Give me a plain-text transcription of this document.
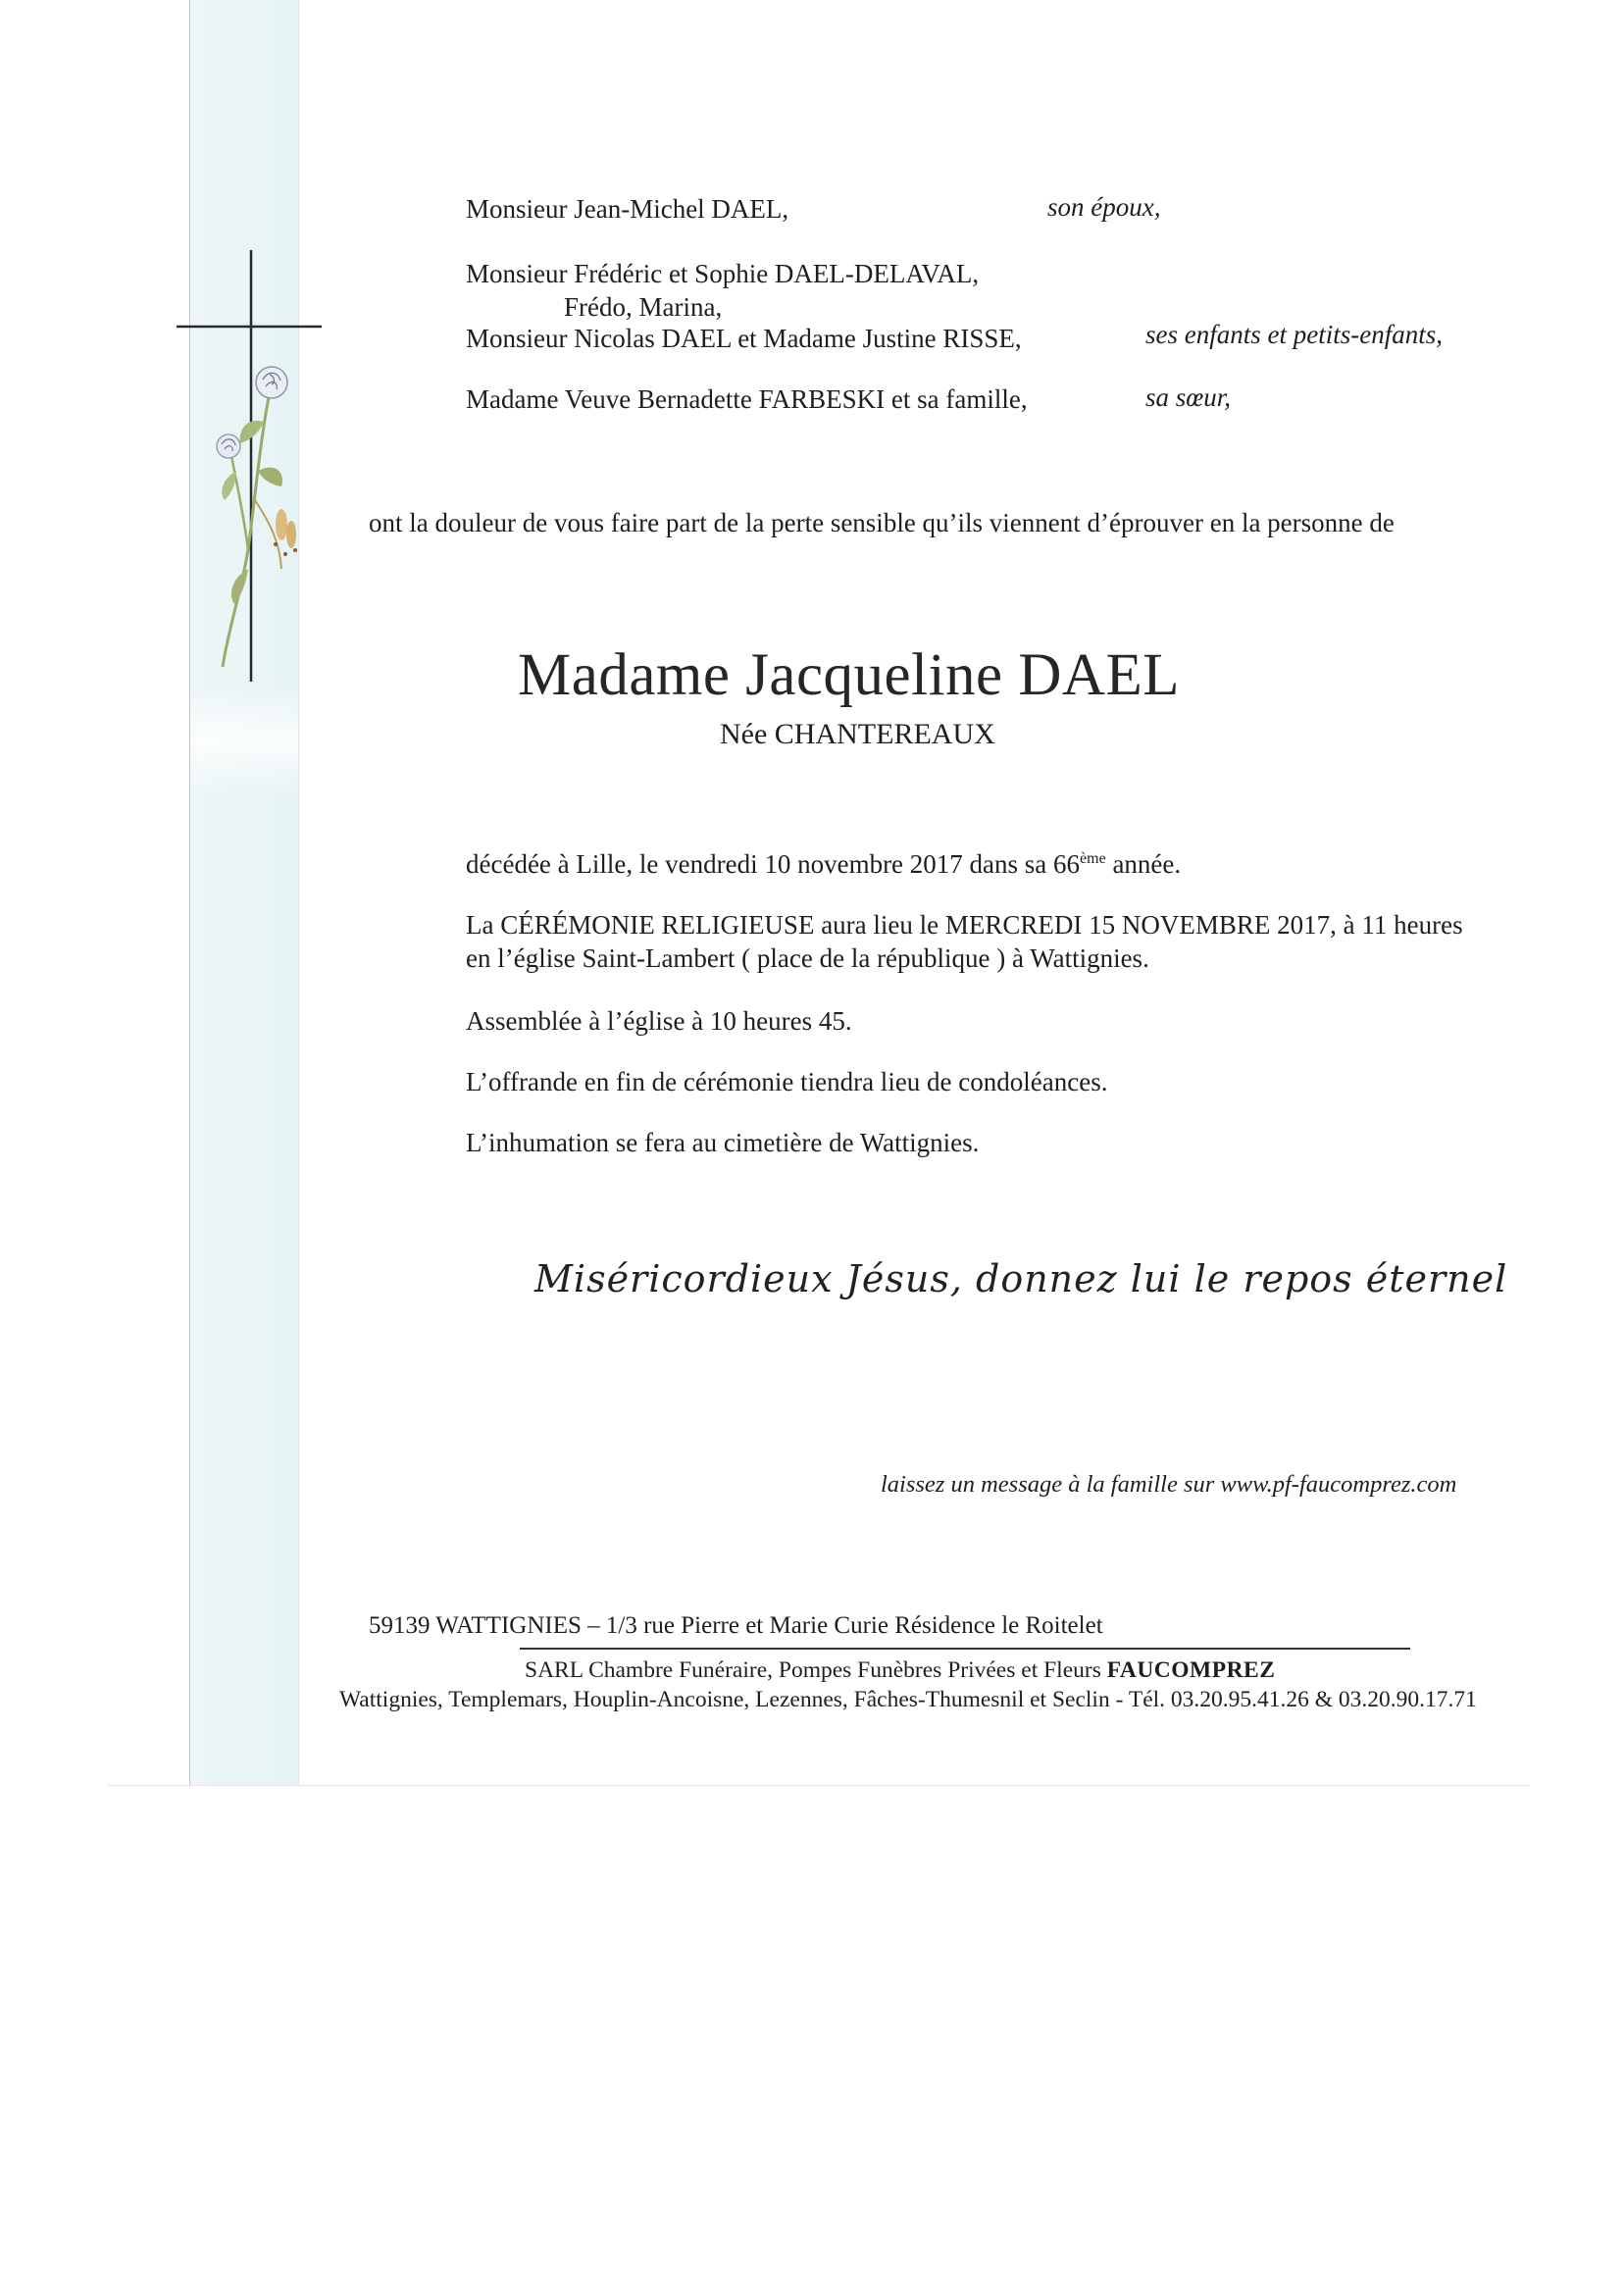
Monsieur Jean-Michel DAEL,	son époux,
Monsieur Frédéric et Sophie DAEL-DELAVAL,
Frédo, Marina,
Monsieur Nicolas DAEL et Madame Justine RISSE,	ses enfants et petits-enfants,
Madame Veuve Bernadette FARBESKI et sa famille,	sa sœur,
ont la douleur de vous faire part de la perte sensible qu’ils viennent d’éprouver en la personne de
Madame Jacqueline DAEL
Née CHANTEREAUX
décédée à Lille, le vendredi 10 novembre 2017 dans sa 66ème année.
La CÉRÉMONIE RELIGIEUSE aura lieu le MERCREDI 15 NOVEMBRE 2017, à 11 heures
en l’église Saint-Lambert ( place de la république ) à Wattignies.
Assemblée à l’église à 10 heures 45.
L’offrande en fin de cérémonie tiendra lieu de condoléances.
L’inhumation se fera au cimetière de Wattignies.
Miséricordieux Jésus, donnez lui le repos éternel
laissez un message à la famille sur www.pf-faucomprez.com
59139 WATTIGNIES – 1/3 rue Pierre et Marie Curie Résidence le Roitelet
SARL Chambre Funéraire, Pompes Funèbres Privées et Fleurs FAUCOMPREZ
Wattignies, Templemars, Houplin-Ancoisne, Lezennes, Fâches-Thumesnil et Seclin - Tél. 03.20.95.41.26 & 03.20.90.17.71
